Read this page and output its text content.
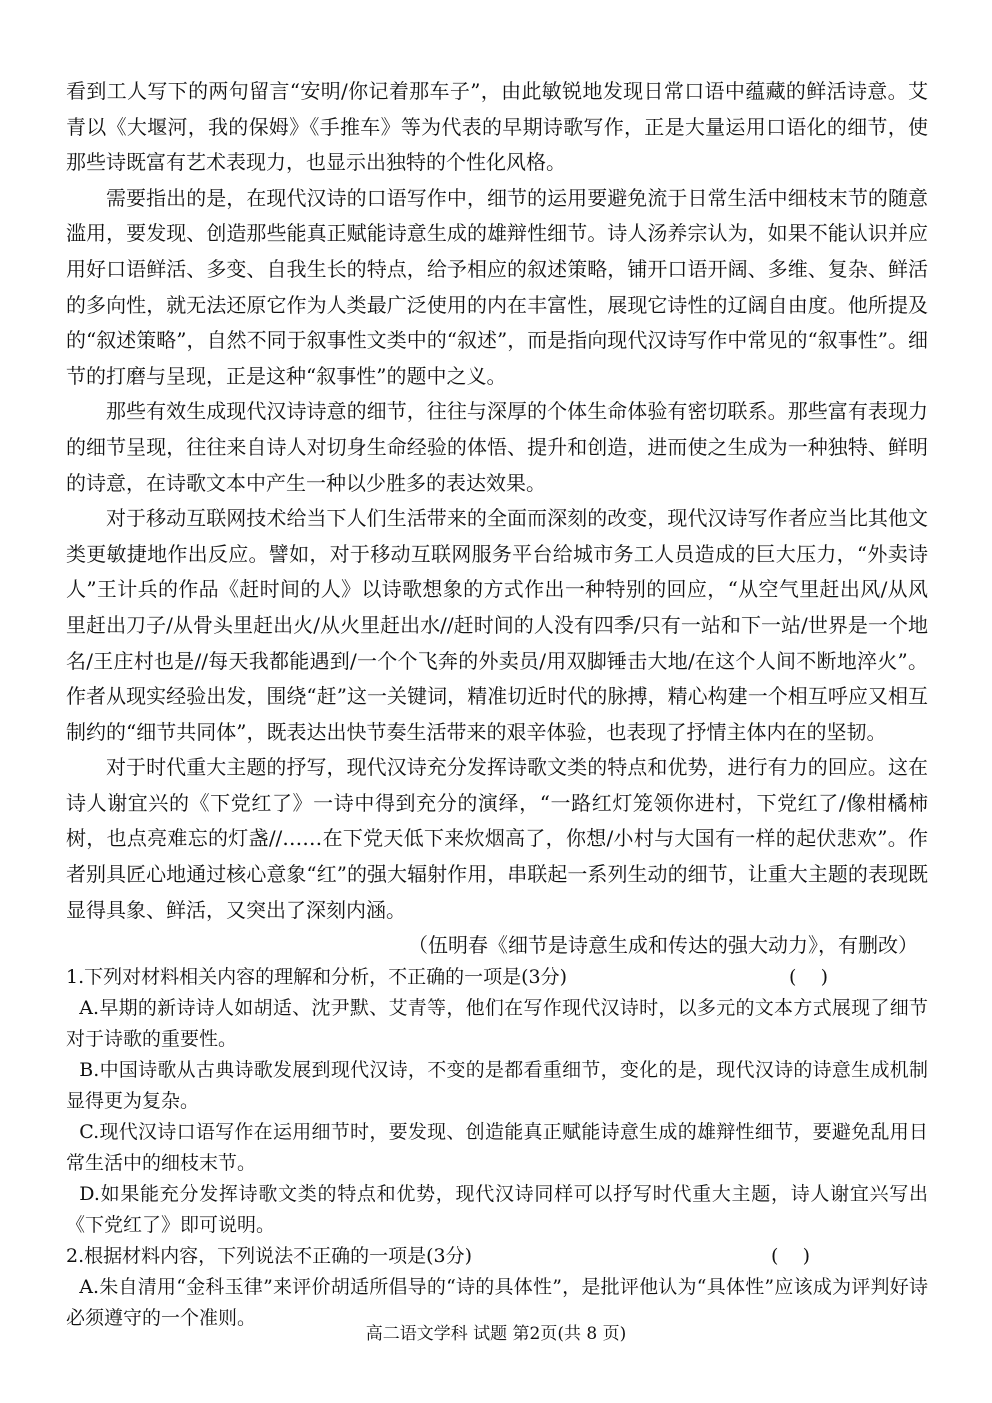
看到工人写下的两句留言“安明/你记着那车子”，由此敏锐地发现日常口语中蕴藏的鲜活诗意。艾青以《大堰河，我的保姆》《手推车》等为代表的早期诗歌写作，正是大量运用口语化的细节，使那些诗既富有艺术表现力，也显示出独特的个性化风格。

需要指出的是，在现代汉诗的口语写作中，细节的运用要避免流于日常生活中细枝末节的随意滥用，要发现、创造那些能真正赋能诗意生成的雄辩性细节。诗人汤养宗认为，如果不能认识并应用好口语鲜活、多变、自我生长的特点，给予相应的叙述策略，铺开口语开阔、多维、复杂、鲜活的多向性，就无法还原它作为人类最广泛使用的内在丰富性，展现它诗性的辽阔自由度。他所提及的“叙述策略”，自然不同于叙事性文类中的“叙述”，而是指向现代汉诗写作中常见的“叙事性”。细节的打磨与呈现，正是这种“叙事性”的题中之义。

那些有效生成现代汉诗诗意的细节，往往与深厚的个体生命体验有密切联系。那些富有表现力的细节呈现，往往来自诗人对切身生命经验的体悟、提升和创造，进而使之生成为一种独特、鲜明的诗意，在诗歌文本中产生一种以少胜多的表达效果。

对于移动互联网技术给当下人们生活带来的全面而深刻的改变，现代汉诗写作者应当比其他文类更敏捷地作出反应。譬如，对于移动互联网服务平台给城市务工人员造成的巨大压力，“外卖诗人”王计兵的作品《赶时间的人》以诗歌想象的方式作出一种特别的回应，“从空气里赶出风/从风里赶出刀子/从骨头里赶出火/从火里赶出水//赶时间的人没有四季/只有一站和下一站/世界是一个地名/王庄村也是//每天我都能遇到/一个个飞奔的外卖员/用双脚锤击大地/在这个人间不断地淬火”。作者从现实经验出发，围绕“赶”这一关键词，精准切近时代的脉搏，精心构建一个相互呼应又相互制约的“细节共同体”，既表达出快节奏生活带来的艰辛体验，也表现了抒情主体内在的坚韧。

对于时代重大主题的抒写，现代汉诗充分发挥诗歌文类的特点和优势，进行有力的回应。这在诗人谢宜兴的《下党红了》一诗中得到充分的演绎，“一路红灯笼领你进村，下党红了/像柑橘柿树，也点亮难忘的灯盏//……在下党天低下来炊烟高了，你想/小村与大国有一样的起伏悲欢”。作者别具匠心地通过核心意象“红”的强大辐射作用，串联起一系列生动的细节，让重大主题的表现既显得具象、鲜活，又突出了深刻内涵。

（伍明春《细节是诗意生成和传达的强大动力》，有删改）

1.下列对材料相关内容的理解和分析，不正确的一项是(3分)	(    )

A.早期的新诗诗人如胡适、沈尹默、艾青等，他们在写作现代汉诗时，以多元的文本方式展现了细节对于诗歌的重要性。

B.中国诗歌从古典诗歌发展到现代汉诗，不变的是都看重细节，变化的是，现代汉诗的诗意生成机制显得更为复杂。

C.现代汉诗口语写作在运用细节时，要发现、创造能真正赋能诗意生成的雄辩性细节，要避免乱用日常生活中的细枝末节。

D.如果能充分发挥诗歌文类的特点和优势，现代汉诗同样可以抒写时代重大主题，诗人谢宜兴写出《下党红了》即可说明。

2.根据材料内容，下列说法不正确的一项是(3分)	(    )

A.朱自清用“金科玉律”来评价胡适所倡导的“诗的具体性”，是批评他认为“具体性”应该成为评判好诗必须遵守的一个准则。

高二语文学科 试题 第2页(共 8 页)
